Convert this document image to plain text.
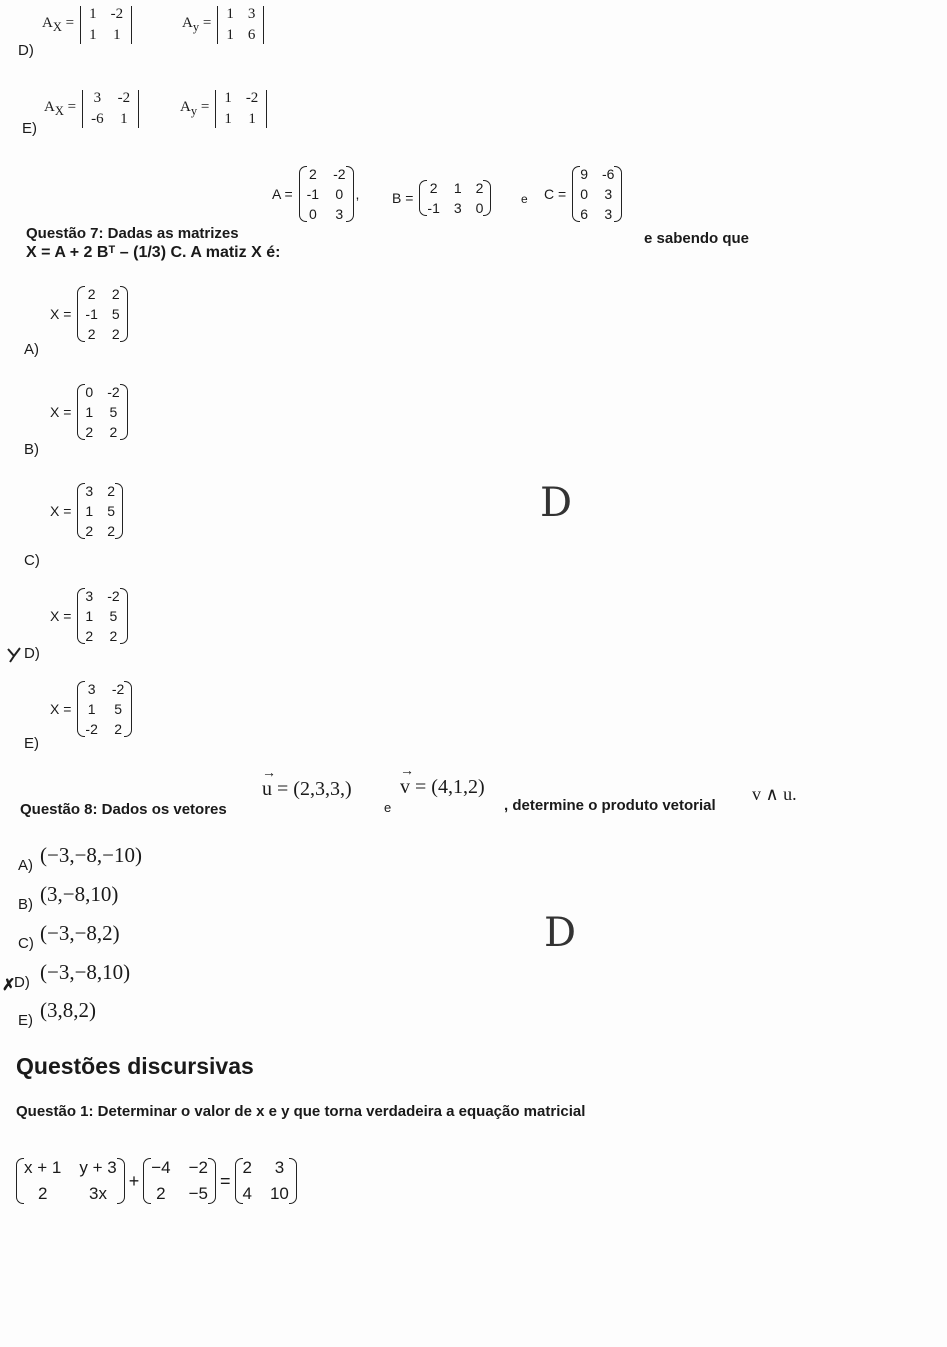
D)
$A_X$ =
1 -2
1 1
$A_y$ =
1 3
1 6
E)
$A_X$ =
3 -2
-6 1
$A_y$ =
1 -2
1 1
Questão 7: Dadas as matrizes
A =
2 -2
-1 0
0 3
, B =
2 1 2
-1 3 0
e C =
9 -6
0 3
6 3
e sabendo que
X = A + 2 Bᵀ – (1/3) C. A matiz X é:
A)
X =
2 2
-1 5
2 2
B)
X =
0 -2
1 5
2 2
C)
X =
3 2
1 5
2 2
D)
X =
3 -2
1 5
2 2
E)
X =
3 -2
1 5
-2 2
D
Questão 8: Dados os vetores
→
u = (2,3,3,)
e
→
v = (4,1,2)
, determine o produto vetorial
v ∧ u.
A) (−3,−8,−10)
B) (3,−8,10)
C) (−3,−8,2)
D) (−3,−8,10)
E) (3,8,2)
D
✗
Questões discursivas
Questão 1: Determinar o valor de x e y que torna verdadeira a equação matricial
x + 1 y + 3
2	3x
+
−4 −2
2 −5
=
2 3
4 10
